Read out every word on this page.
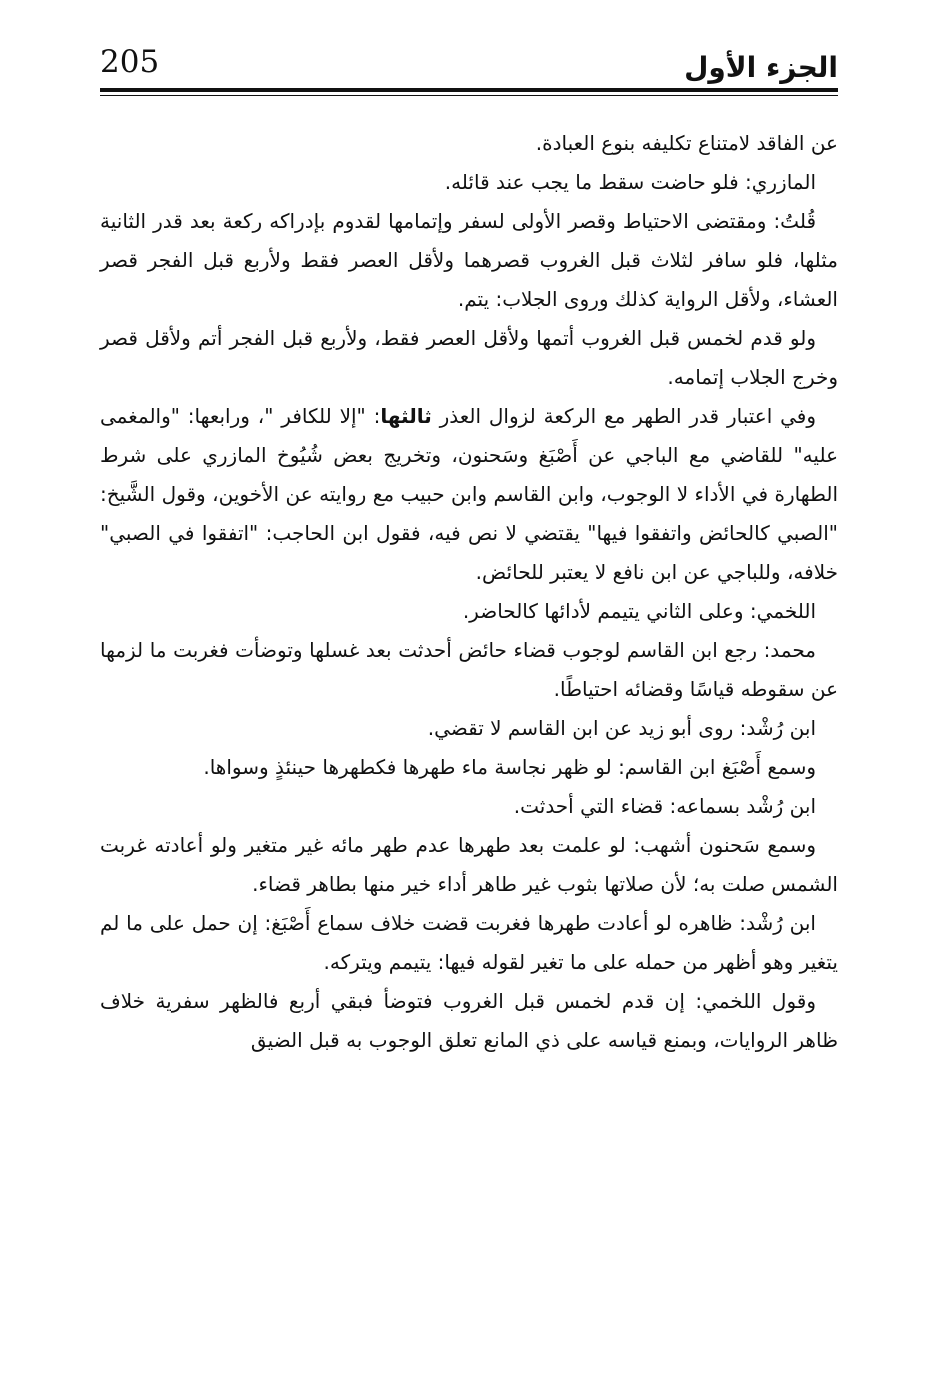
205	الجزء الأول

عن الفاقد لامتناع تكليفه بنوع العبادة.

المازري: فلو حاضت سقط ما يجب عند قائله.

قُلتُ: ومقتضى الاحتياط وقصر الأولى لسفر وإتمامها لقدوم بإدراكه ركعة بعد قدر الثانية مثلها، فلو سافر لثلاث قبل الغروب قصرهما ولأقل العصر فقط ولأربع قبل الفجر قصر العشاء، ولأقل الرواية كذلك وروى الجلاب: يتم.

ولو قدم لخمس قبل الغروب أتمها ولأقل العصر فقط، ولأربع قبل الفجر أتم ولأقل قصر وخرج الجلاب إتمامه.

وفي اعتبار قدر الطهر مع الركعة لزوال العذر ثالثها: "إلا للكافر "، ورابعها: "والمغمى عليه" للقاضي مع الباجي عن أَصْبَغ وسَحنون، وتخريج بعض شُيُوخ المازري على شرط الطهارة في الأداء لا الوجوب، وابن القاسم وابن حبيب مع روايته عن الأخوين، وقول الشَّيخ: "الصبي كالحائض واتفقوا فيها" يقتضي لا نص فيه، فقول ابن الحاجب: "اتفقوا في الصبي" خلافه، وللباجي عن ابن نافع لا يعتبر للحائض.

اللخمي: وعلى الثاني يتيمم لأدائها كالحاضر.

محمد: رجع ابن القاسم لوجوب قضاء حائض أحدثت بعد غسلها وتوضأت فغربت ما لزمها عن سقوطه قياسًا وقضائه احتياطًا.

ابن رُشْد: روى أبو زيد عن ابن القاسم لا تقضي.

وسمع أَصْبَغ ابن القاسم: لو ظهر نجاسة ماء طهرها فكطهرها حينئذٍ وسواها.

ابن رُشْد بسماعه: قضاء التي أحدثت.

وسمع سَحنون أشهب: لو علمت بعد طهرها عدم طهر مائه غير متغير ولو أعادته غربت الشمس صلت به؛ لأن صلاتها بثوب غير طاهر أداء خير منها بطاهر قضاء.

ابن رُشْد: ظاهره لو أعادت طهرها فغربت قضت خلاف سماع أَصْبَغ: إن حمل على ما لم يتغير وهو أظهر من حمله على ما تغير لقوله فيها: يتيمم ويتركه.

وقول اللخمي: إن قدم لخمس قبل الغروب فتوضأ فبقي أربع فالظهر سفرية خلاف ظاهر الروايات، وبمنع قياسه على ذي المانع تعلق الوجوب به قبل الضيق
